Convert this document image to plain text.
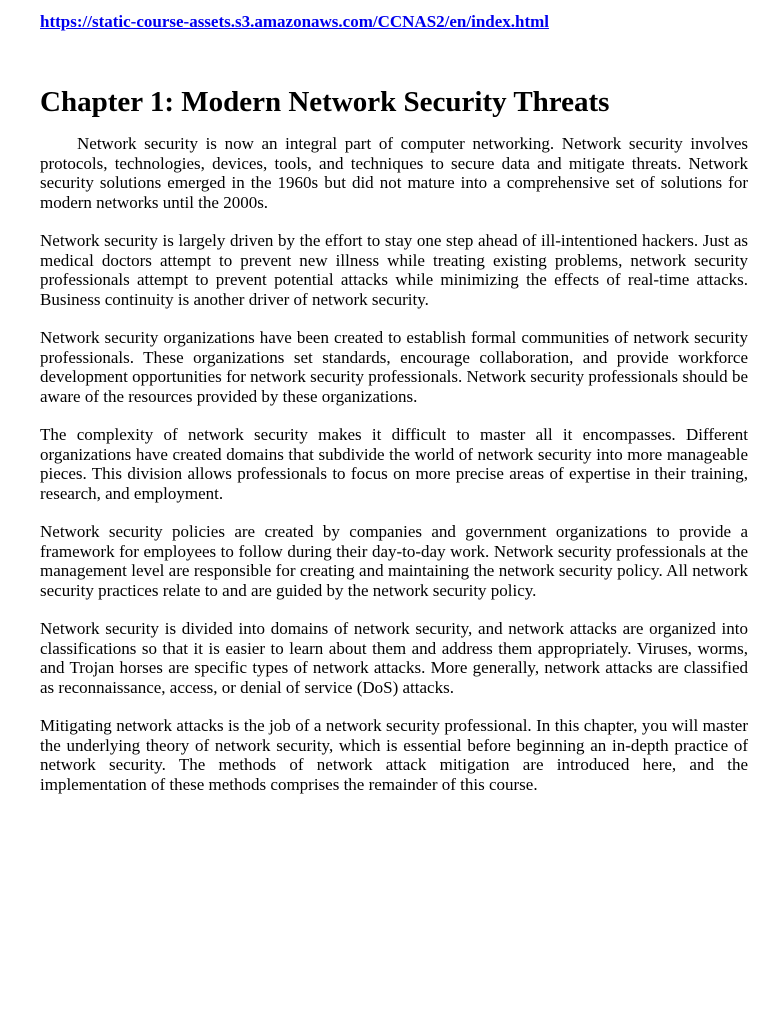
https://static-course-assets.s3.amazonaws.com/CCNAS2/en/index.html
Chapter 1: Modern Network Security Threats

Network security is now an integral part of computer networking. Network security involves protocols, technologies, devices, tools, and techniques to secure data and mitigate threats. Network security solutions emerged in the 1960s but did not mature into a comprehensive set of solutions for modern networks until the 2000s.

Network security is largely driven by the effort to stay one step ahead of ill-intentioned hackers. Just as medical doctors attempt to prevent new illness while treating existing problems, network security professionals attempt to prevent potential attacks while minimizing the effects of real-time attacks. Business continuity is another driver of network security.

Network security organizations have been created to establish formal communities of network security professionals. These organizations set standards, encourage collaboration, and provide workforce development opportunities for network security professionals. Network security professionals should be aware of the resources provided by these organizations.

The complexity of network security makes it difficult to master all it encompasses. Different organizations have created domains that subdivide the world of network security into more manageable pieces. This division allows professionals to focus on more precise areas of expertise in their training, research, and employment.

Network security policies are created by companies and government organizations to provide a framework for employees to follow during their day-to-day work. Network security professionals at the management level are responsible for creating and maintaining the network security policy. All network security practices relate to and are guided by the network security policy.

Network security is divided into domains of network security, and network attacks are organized into classifications so that it is easier to learn about them and address them appropriately. Viruses, worms, and Trojan horses are specific types of network attacks. More generally, network attacks are classified as reconnaissance, access, or denial of service (DoS) attacks.

Mitigating network attacks is the job of a network security professional. In this chapter, you will master the underlying theory of network security, which is essential before beginning an in-depth practice of network security. The methods of network attack mitigation are introduced here, and the implementation of these methods comprises the remainder of this course.
